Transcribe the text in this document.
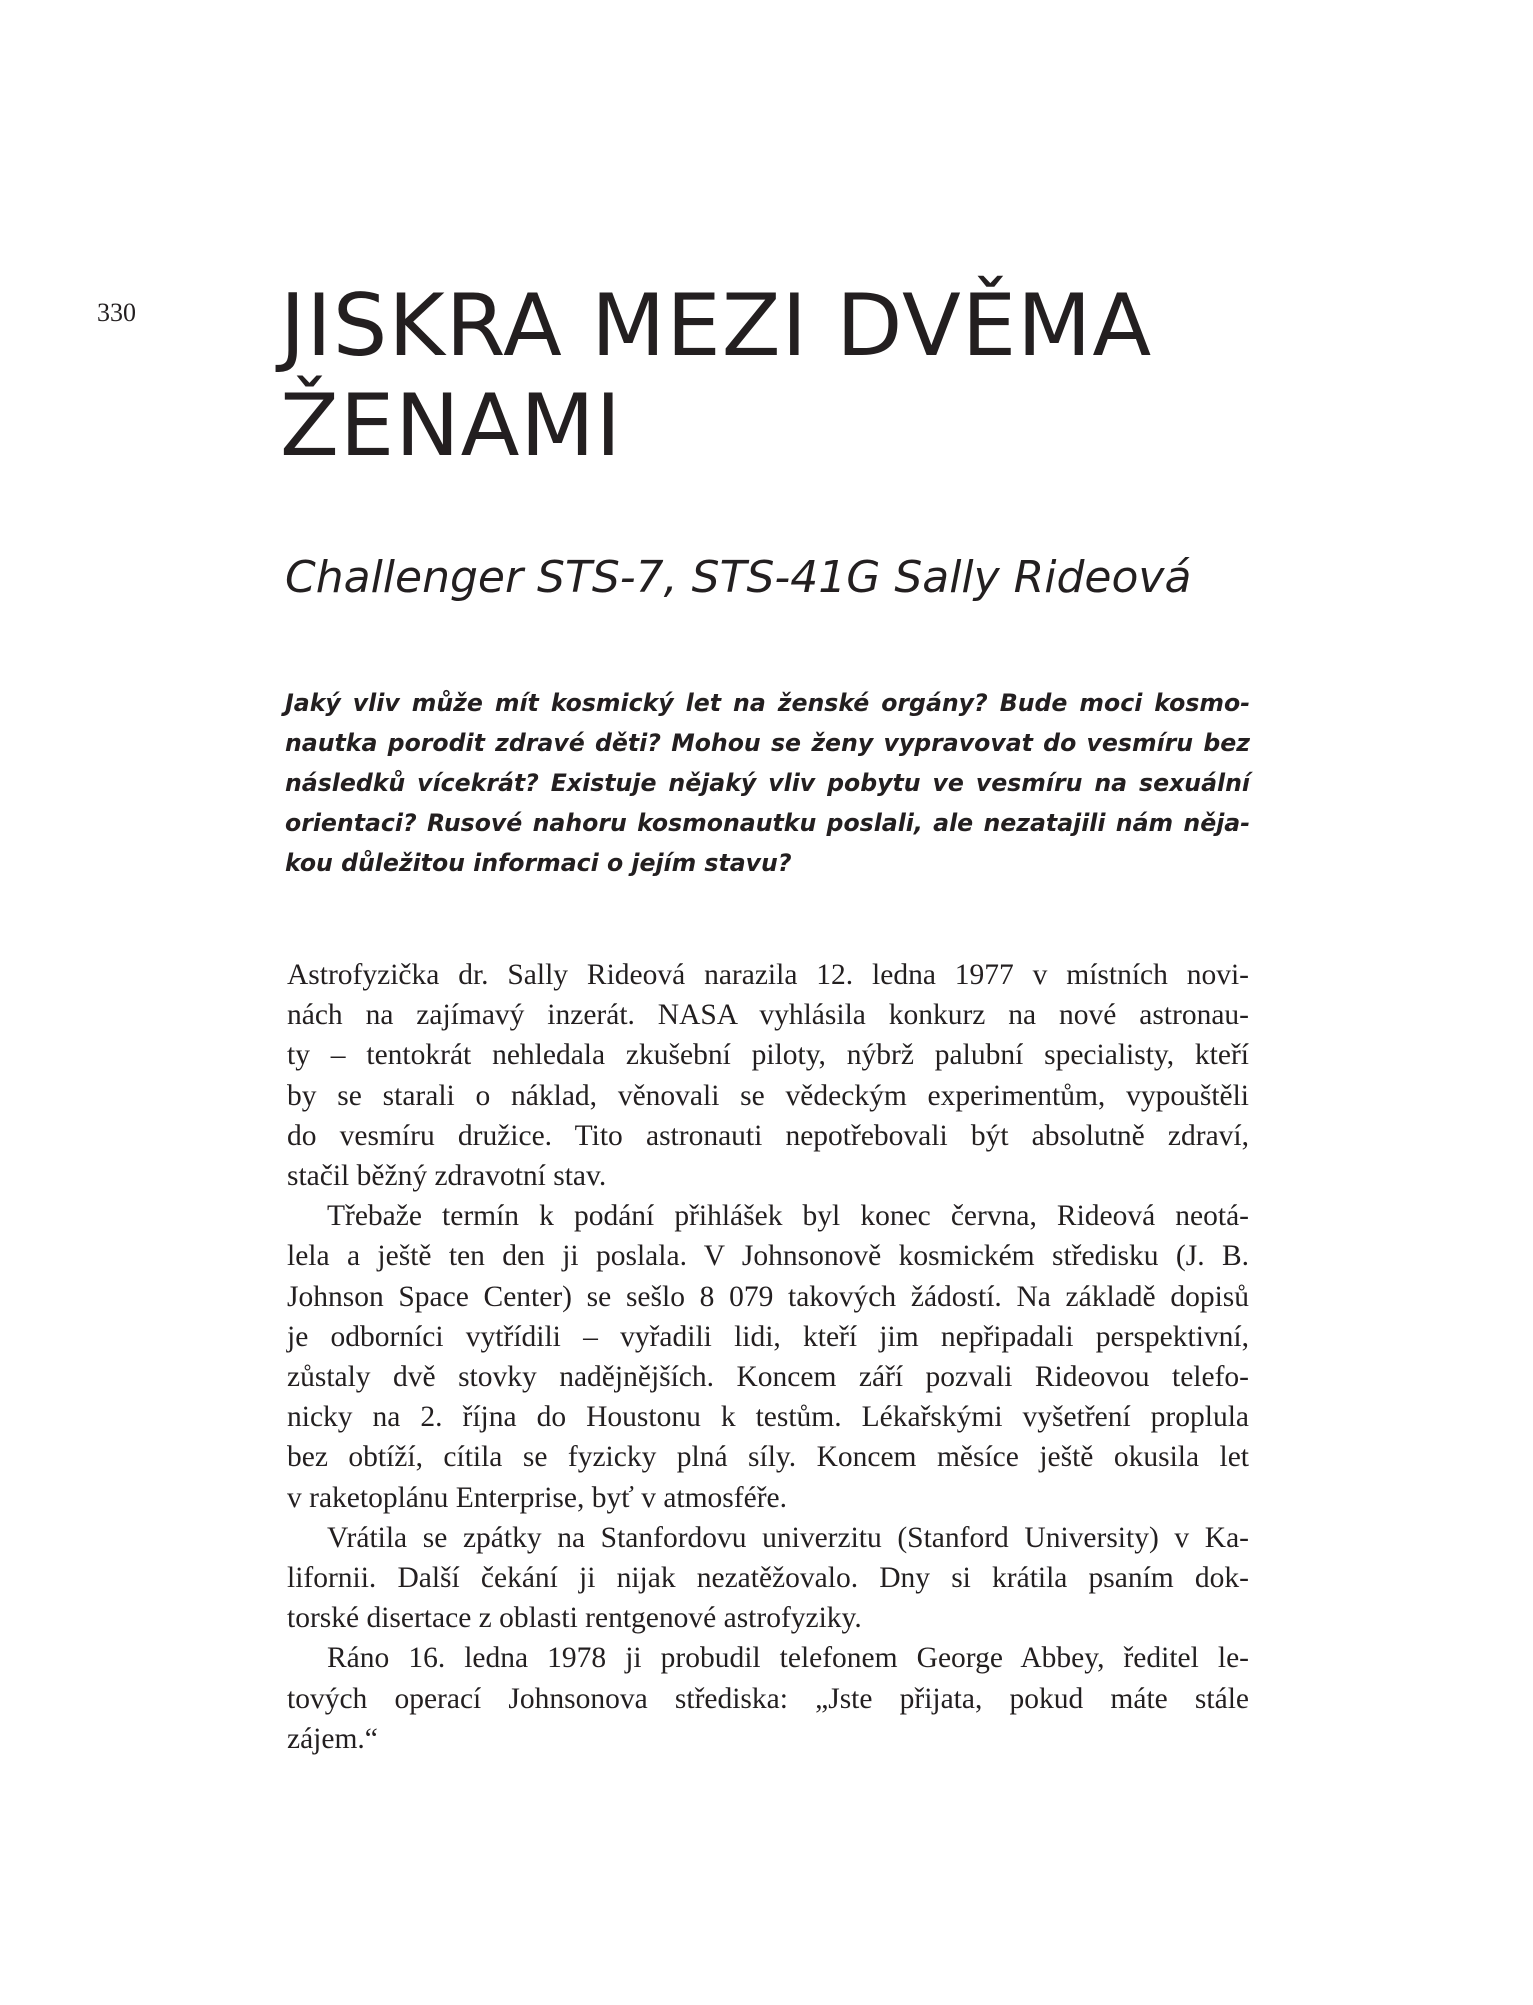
330 JISKRA MEZI DVĚMA
ŽENAMI
Challenger STS-7, STS-41G Sally Rideová
Jaký vliv může mít kosmický let na ženské orgány? Bude moci kosmo-
nautka porodit zdravé děti? Mohou se ženy vypravovat do vesmíru bez
následků vícekrát? Existuje nějaký vliv pobytu ve vesmíru na sexuální
orientaci? Rusové nahoru kosmonautku poslali, ale nezatajili nám něja-
kou důležitou informaci o jejím stavu?
Astrofyzička dr. Sally Rideová narazila 12. ledna 1977 v místních novi-
nách na zajímavý inzerát. NASA vyhlásila konkurz na nové astronau-
ty – tentokrát nehledala zkušební piloty, nýbrž palubní specialisty, kteří
by se starali o náklad, věnovali se vědeckým experimentům, vypouštěli
do vesmíru družice. Tito astronauti nepotřebovali být absolutně zdraví,
stačil běžný zdravotní stav.
Třebaže termín k podání přihlášek byl konec června, Rideová neotá-
lela a ještě ten den ji poslala. V Johnsonově kosmickém středisku (J. B.
Johnson Space Center) se sešlo 8 079 takových žádostí. Na základě dopisů
je odborníci vytřídili – vyřadili lidi, kteří jim nepřipadali perspektivní,
zůstaly dvě stovky nadějnějších. Koncem září pozvali Rideovou telefo-
nicky na 2. října do Houstonu k testům. Lékařskými vyšetření proplula
bez obtíží, cítila se fyzicky plná síly. Koncem měsíce ještě okusila let
v raketoplánu Enterprise, byť v atmosféře.
Vrátila se zpátky na Stanfordovu univerzitu (Stanford University) v Ka-
lifornii. Další čekání ji nijak nezatěžovalo. Dny si krátila psaním dok-
torské disertace z oblasti rentgenové astrofyziky.
Ráno 16. ledna 1978 ji probudil telefonem George Abbey, ředitel le-
tových operací Johnsonova střediska: „Jste přijata, pokud máte stále
zájem.“
